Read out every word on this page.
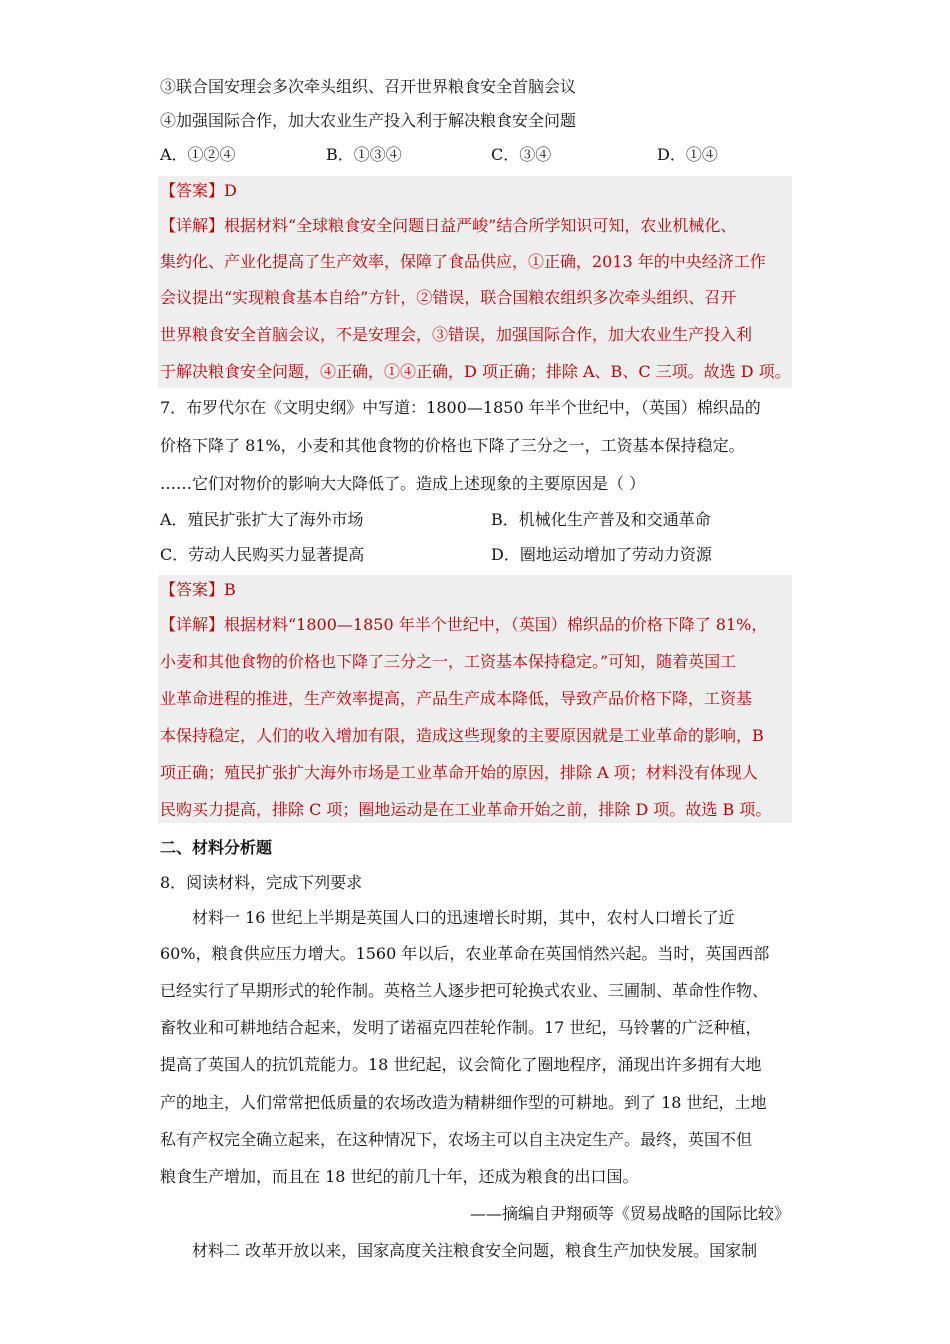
③联合国安理会多次牵头组织、召开世界粮食安全首脑会议
④加强国际合作，加大农业生产投入利于解决粮食安全问题
A．①②④	B．①③④	C．③④	D．①④
【答案】D
【详解】根据材料“全球粮食安全问题日益严峻”结合所学知识可知，农业机械化、
集约化、产业化提高了生产效率，保障了食品供应，①正确，2013 年的中央经济工作
会议提出“实现粮食基本自给”方针，②错误，联合国粮农组织多次牵头组织、召开
世界粮食安全首脑会议，不是安理会，③错误，加强国际合作，加大农业生产投入利
于解决粮食安全问题，④正确，①④正确，D 项正确；排除 A、B、C 三项。故选 D 项。
7．布罗代尔在《文明史纲》中写道：1800—1850 年半个世纪中，（英国）棉织品的
价格下降了 81%，小麦和其他食物的价格也下降了三分之一，工资基本保持稳定。
……它们对物价的影响大大降低了。造成上述现象的主要原因是（ ）
A．殖民扩张扩大了海外市场	B．机械化生产普及和交通革命
C．劳动人民购买力显著提高	D．圈地运动增加了劳动力资源
【答案】B
【详解】根据材料“1800—1850 年半个世纪中，（英国）棉织品的价格下降了 81%，
小麦和其他食物的价格也下降了三分之一，工资基本保持稳定。”可知，随着英国工
业革命进程的推进，生产效率提高，产品生产成本降低，导致产品价格下降，工资基
本保持稳定，人们的收入增加有限，造成这些现象的主要原因就是工业革命的影响，B
项正确；殖民扩张扩大海外市场是工业革命开始的原因，排除 A 项；材料没有体现人
民购买力提高，排除 C 项；圈地运动是在工业革命开始之前，排除 D 项。故选 B 项。
二、材料分析题
8．阅读材料，完成下列要求
材料一 16 世纪上半期是英国人口的迅速增长时期，其中，农村人口增长了近
60%，粮食供应压力增大。1560 年以后，农业革命在英国悄然兴起。当时，英国西部
已经实行了早期形式的轮作制。英格兰人逐步把可轮换式农业、三圃制、革命性作物、
畜牧业和可耕地结合起来，发明了诺福克四茬轮作制。17 世纪，马铃薯的广泛种植，
提高了英国人的抗饥荒能力。18 世纪起，议会简化了圈地程序，涌现出许多拥有大地
产的地主，人们常常把低质量的农场改造为精耕细作型的可耕地。到了 18 世纪，土地
私有产权完全确立起来，在这种情况下，农场主可以自主决定生产。最终，英国不但
粮食生产增加，而且在 18 世纪的前几十年，还成为粮食的出口国。
——摘编自尹翔硕等《贸易战略的国际比较》
材料二 改革开放以来，国家高度关注粮食安全问题，粮食生产加快发展。国家制
